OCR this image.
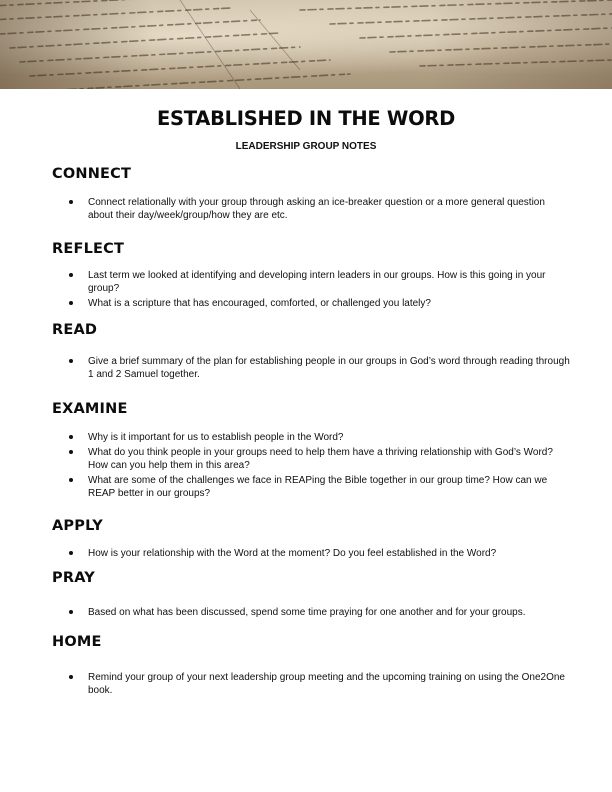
ESTABLISHED IN THE WORD
LEADERSHIP GROUP NOTES
CONNECT
Connect relationally with your group through asking an ice-breaker question or a more general question about their day/week/group/how they are etc.
REFLECT
Last term we looked at identifying and developing intern leaders in our groups. How is this going in your group?
What is a scripture that has encouraged, comforted, or challenged you lately?
READ
Give a brief summary of the plan for establishing people in our groups in God’s word through reading through 1 and 2 Samuel together.
EXAMINE
Why is it important for us to establish people in the Word?
What do you think people in your groups need to help them have a thriving relationship with God’s Word? How can you help them in this area?
What are some of the challenges we face in REAPing the Bible together in our group time? How can we REAP better in our groups?
APPLY
How is your relationship with the Word at the moment? Do you feel established in the Word?
PRAY
Based on what has been discussed, spend some time praying for one another and for your groups.
HOME
Remind your group of your next leadership group meeting and the upcoming training on using the One2One book.
